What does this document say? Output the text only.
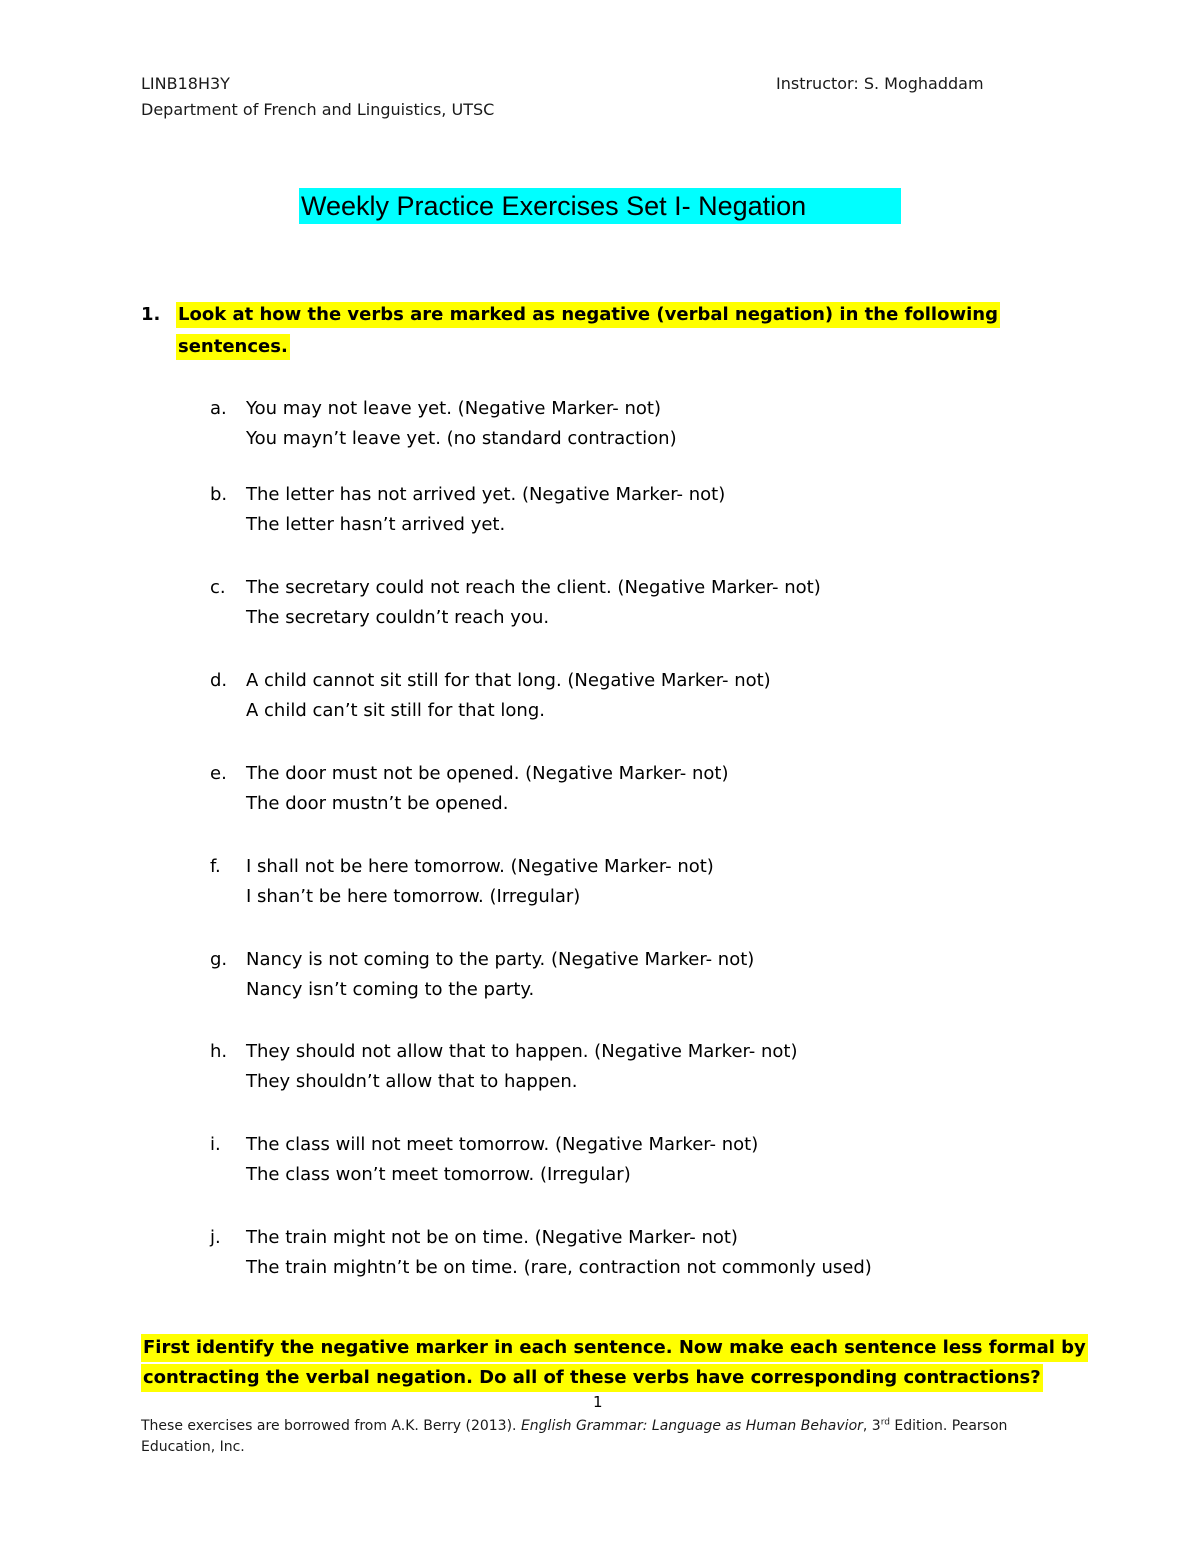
LINB18H3Y
Department of French and Linguistics, UTSC
Instructor: S. Moghaddam
Weekly Practice Exercises Set I- Negation
1. Look at how the verbs are marked as negative (verbal negation) in the following
sentences.
a. You may not leave yet. (Negative Marker- not)
You mayn’t leave yet. (no standard contraction)
b. The letter has not arrived yet. (Negative Marker- not)
The letter hasn’t arrived yet.
c. The secretary could not reach the client. (Negative Marker- not)
The secretary couldn’t reach you.
d. A child cannot sit still for that long. (Negative Marker- not)
A child can’t sit still for that long.
e. The door must not be opened. (Negative Marker- not)
The door mustn’t be opened.
f. I shall not be here tomorrow. (Negative Marker- not)
I shan’t be here tomorrow. (Irregular)
g. Nancy is not coming to the party. (Negative Marker- not)
Nancy isn’t coming to the party.
h. They should not allow that to happen. (Negative Marker- not)
They shouldn’t allow that to happen.
i. The class will not meet tomorrow. (Negative Marker- not)
The class won’t meet tomorrow. (Irregular)
j. The train might not be on time. (Negative Marker- not)
The train mightn’t be on time. (rare, contraction not commonly used)
First identify the negative marker in each sentence. Now make each sentence less formal by
contracting the verbal negation. Do all of these verbs have corresponding contractions?
1
These exercises are borrowed from A.K. Berry (2013). English Grammar: Language as Human Behavior, 3rd Edition. Pearson
Education, Inc.
